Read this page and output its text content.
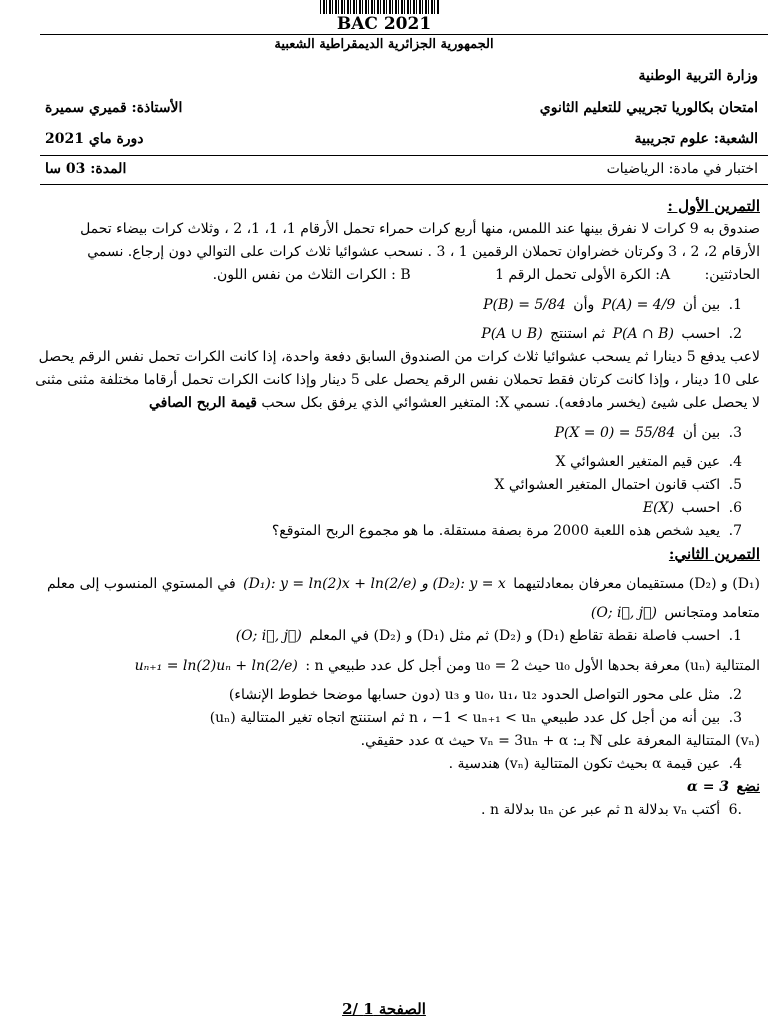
BAC 2021
الجمهورية الجزائرية الديمقراطية الشعبية
وزارة التربية الوطنية
امتحان بكالوريا تجريبي للتعليم الثانوي
الأستاذة: قميري سميرة
الشعبة: علوم تجريبية
دورة ماي 2021
اختبار في مادة: الرياضيات
المدة: 03 سا
التمرين الأول :
صندوق به 9 كرات لا نفرق بينها عند اللمس، منها أربع كرات حمراء تحمل الأرقام 1، 1، 1، 2 ، وثلاث كرات بيضاء تحمل
الأرقام 2، 2 ، 3 وكرتان خضراوان تحملان الرقمين 1 ، 3 . نسحب عشوائيا ثلاث كرات على التوالي دون إرجاع. نسمي
الحادثتين: A: الكرة الأولى تحمل الرقم 1 B : الكرات الثلاث من نفس اللون.
1. بين أن P(A) = 4/9 وأن P(B) = 5/84
2. احسب P(A ∩ B) ثم استنتج P(A ∪ B)
لاعب يدفع 5 دينارا ثم يسحب عشوائيا ثلاث كرات من الصندوق السابق دفعة واحدة، إذا كانت الكرات تحمل نفس الرقم يحصل
على 10 دينار ، وإذا كانت كرتان فقط تحملان نفس الرقم يحصل على 5 دينار وإذا كانت الكرات تحمل أرقاما مختلفة مثنى مثنى
لا يحصل على شيئ (يخسر مادفعه). نسمي X: المتغير العشوائي الذي يرفق بكل سحب قيمة الربح الصافي
3. بين أن P(X = 0) = 55/84
4. عين قيم المتغير العشوائي X
5. اكتب قانون احتمال المتغير العشوائي X
6. احسب E(X)
7. يعيد شخص هذه اللعبة 2000 مرة بصفة مستقلة. ما هو مجموع الربح المتوقع؟
التمرين الثاني:
(D₁) و (D₂) مستقيمان معرفان بمعادلتيهما (D₁): y = ln(2)x + ln(2/e) و (D₂): y = x في المستوي المنسوب إلى معلم
متعامد ومتجانس (O; i⃗, j⃗)
1. احسب فاصلة نقطة تقاطع (D₁) و (D₂) ثم مثل (D₁) و (D₂) في المعلم (O; i⃗, j⃗)
المتتالية (uₙ) معرفة بحدها الأول u₀ حيث u₀ = 2 ومن أجل كل عدد طبيعي n : uₙ₊₁ = ln(2)uₙ + ln(2/e)
2. مثل على محور التواصل الحدود u₀، u₁، u₂ و u₃ (دون حسابها موضحا خطوط الإنشاء)
3. بين أنه من أجل كل عدد طبيعي n ، −1 < uₙ₊₁ < uₙ ثم استنتج اتجاه تغير المتتالية (uₙ)
(vₙ) المتتالية المعرفة على ℕ بـ: vₙ = 3uₙ + α حيث α عدد حقيقي.
4. عين قيمة α بحيث تكون المتتالية (vₙ) هندسية .
نضع α = 3
.6 أكتب vₙ بدلالة n ثم عبر عن uₙ بدلالة n .
الصفحة 1 /2
